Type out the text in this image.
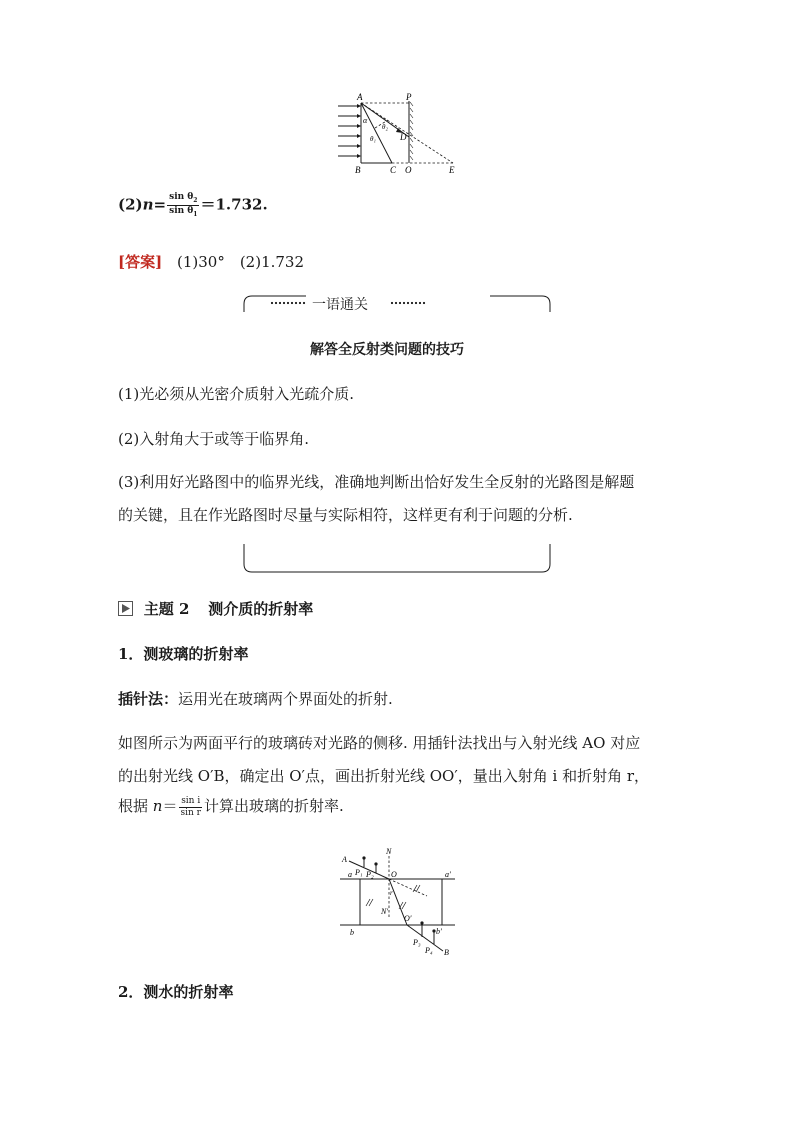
A	P
D
B	C O	E
α
θ₁
θ₂
$(2)n= \frac{\sin \theta_2}{\sin \theta_1} =1.732$.
[答案] (1)30°　(2)1.732
一语通关
解答全反射类问题的技巧
(1)光必须从光密介质射入光疏介质.
(2)入射角大于或等于临界角.
(3)利用好光路图中的临界光线，准确地判断出恰好发生全反射的光路图是解题
的关键，且在作光路图时尽量与实际相符，这样更有利于问题的分析.
主题 2 测介质的折射率
1．测玻璃的折射率
插针法：运用光在玻璃两个界面处的折射.
如图所示为两面平行的玻璃砖对光路的侧移. 用插针法找出与入射光线 AO 对应
的出射光线 O′B，确定出 O′点，画出折射光线 OO′，量出入射角 i 和折射角 r，
根据 $n= \frac{\text{sin i}}{\text{sin r}}$ 计算出玻璃的折射率.
N
A
a P₁ P₂ O	a′
N′
r
O′
b	b′
P₃
P₄ B
2．测水的折射率
